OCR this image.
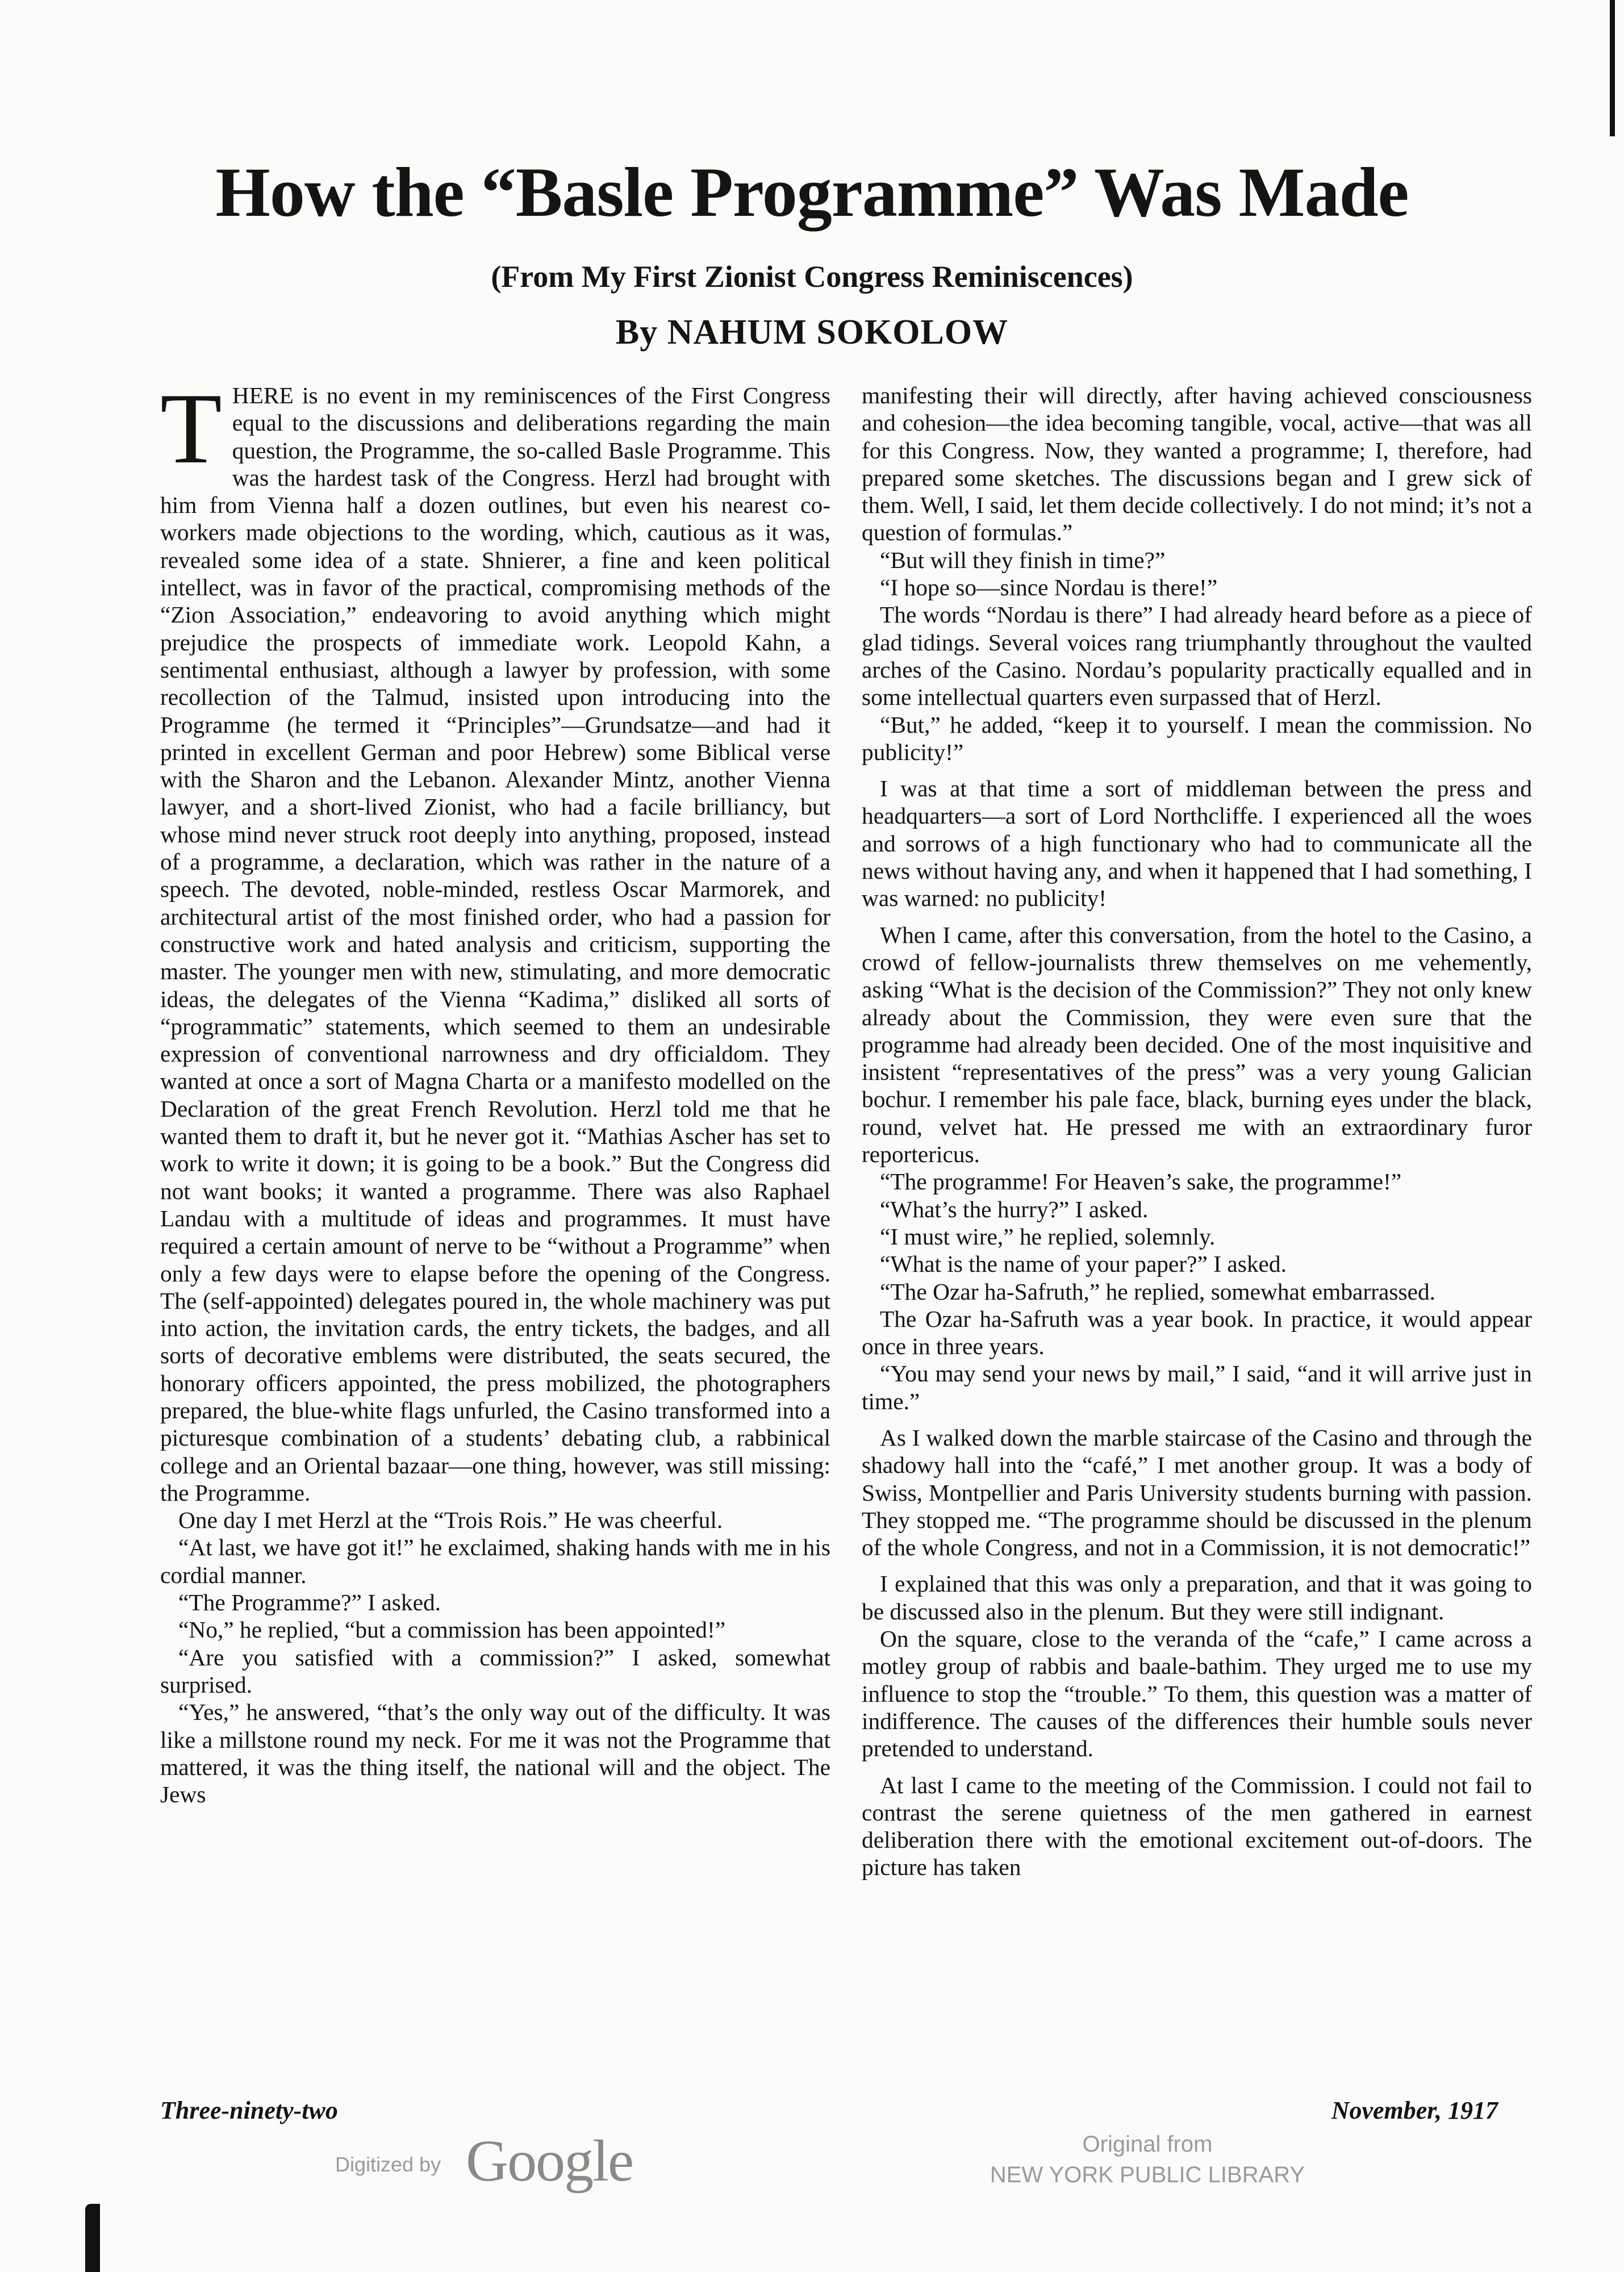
How the “Basle Programme” Was Made
(From My First Zionist Congress Reminiscences)
By NAHUM SOKOLOW

THERE is no event in my reminiscences of the First Congress equal to the discussions and deliberations regarding the main question, the Programme, the so-called Basle Programme. This was the hardest task of the Congress. Herzl had brought with him from Vienna half a dozen outlines, but even his nearest co-workers made objections to the wording, which, cautious as it was, revealed some idea of a state. Shnierer, a fine and keen political intellect, was in favor of the practical, compromising methods of the “Zion Association,” endeavoring to avoid anything which might prejudice the prospects of immediate work. Leopold Kahn, a sentimental enthusiast, although a lawyer by profession, with some recollection of the Talmud, insisted upon introducing into the Programme (he termed it “Principles”—Grundsatze—and had it printed in excellent German and poor Hebrew) some Biblical verse with the Sharon and the Lebanon. Alexander Mintz, another Vienna lawyer, and a short-lived Zionist, who had a facile brilliancy, but whose mind never struck root deeply into anything, proposed, instead of a programme, a declaration, which was rather in the nature of a speech. The devoted, noble-minded, restless Oscar Marmorek, and architectural artist of the most finished order, who had a passion for constructive work and hated analysis and criticism, supporting the master. The younger men with new, stimulating, and more democratic ideas, the delegates of the Vienna “Kadima,” disliked all sorts of “programmatic” statements, which seemed to them an undesirable expression of conventional narrowness and dry officialdom. They wanted at once a sort of Magna Charta or a manifesto modelled on the Declaration of the great French Revolution. Herzl told me that he wanted them to draft it, but he never got it. “Mathias Ascher has set to work to write it down; it is going to be a book.” But the Congress did not want books; it wanted a programme. There was also Raphael Landau with a multitude of ideas and programmes. It must have required a certain amount of nerve to be “without a Programme” when only a few days were to elapse before the opening of the Congress. The (self-appointed) delegates poured in, the whole machinery was put into action, the invitation cards, the entry tickets, the badges, and all sorts of decorative emblems were distributed, the seats secured, the honorary officers appointed, the press mobilized, the photographers prepared, the blue-white flags unfurled, the Casino transformed into a picturesque combination of a students’ debating club, a rabbinical college and an Oriental bazaar—one thing, however, was still missing: the Programme.

One day I met Herzl at the “Trois Rois.” He was cheerful.

“At last, we have got it!” he exclaimed, shaking hands with me in his cordial manner.

“The Programme?” I asked.

“No,” he replied, “but a commission has been appointed!”

“Are you satisfied with a commission?” I asked, somewhat surprised.

“Yes,” he answered, “that’s the only way out of the difficulty. It was like a millstone round my neck. For me it was not the Programme that mattered, it was the thing itself, the national will and the object. The Jews

manifesting their will directly, after having achieved consciousness and cohesion—the idea becoming tangible, vocal, active—that was all for this Congress. Now, they wanted a programme; I, therefore, had prepared some sketches. The discussions began and I grew sick of them. Well, I said, let them decide collectively. I do not mind; it’s not a question of formulas.”

“But will they finish in time?”

“I hope so—since Nordau is there!”

The words “Nordau is there” I had already heard before as a piece of glad tidings. Several voices rang triumphantly throughout the vaulted arches of the Casino. Nordau’s popularity practically equalled and in some intellectual quarters even surpassed that of Herzl.

“But,” he added, “keep it to yourself. I mean the commission. No publicity!”

I was at that time a sort of middleman between the press and headquarters—a sort of Lord Northcliffe. I experienced all the woes and sorrows of a high functionary who had to communicate all the news without having any, and when it happened that I had something, I was warned: no publicity!

When I came, after this conversation, from the hotel to the Casino, a crowd of fellow-journalists threw themselves on me vehemently, asking “What is the decision of the Commission?” They not only knew already about the Commission, they were even sure that the programme had already been decided. One of the most inquisitive and insistent “representatives of the press” was a very young Galician bochur. I remember his pale face, black, burning eyes under the black, round, velvet hat. He pressed me with an extraordinary furor reportericus.

“The programme! For Heaven’s sake, the programme!”

“What’s the hurry?” I asked.

“I must wire,” he replied, solemnly.

“What is the name of your paper?” I asked.

“The Ozar ha-Safruth,” he replied, somewhat embarrassed.

The Ozar ha-Safruth was a year book. In practice, it would appear once in three years.

“You may send your news by mail,” I said, “and it will arrive just in time.”

As I walked down the marble staircase of the Casino and through the shadowy hall into the “café,” I met another group. It was a body of Swiss, Montpellier and Paris University students burning with passion. They stopped me. “The programme should be discussed in the plenum of the whole Congress, and not in a Commission, it is not democratic!”

I explained that this was only a preparation, and that it was going to be discussed also in the plenum. But they were still indignant.

On the square, close to the veranda of the “cafe,” I came across a motley group of rabbis and baale-bathim. They urged me to use my influence to stop the “trouble.” To them, this question was a matter of indifference. The causes of the differences their humble souls never pretended to understand.

At last I came to the meeting of the Commission. I could not fail to contrast the serene quietness of the men gathered in earnest deliberation there with the emotional excitement out-of-doors. The picture has taken

Three-ninety-two	November, 1917
Digitized by Google	Original from
NEW YORK PUBLIC LIBRARY
